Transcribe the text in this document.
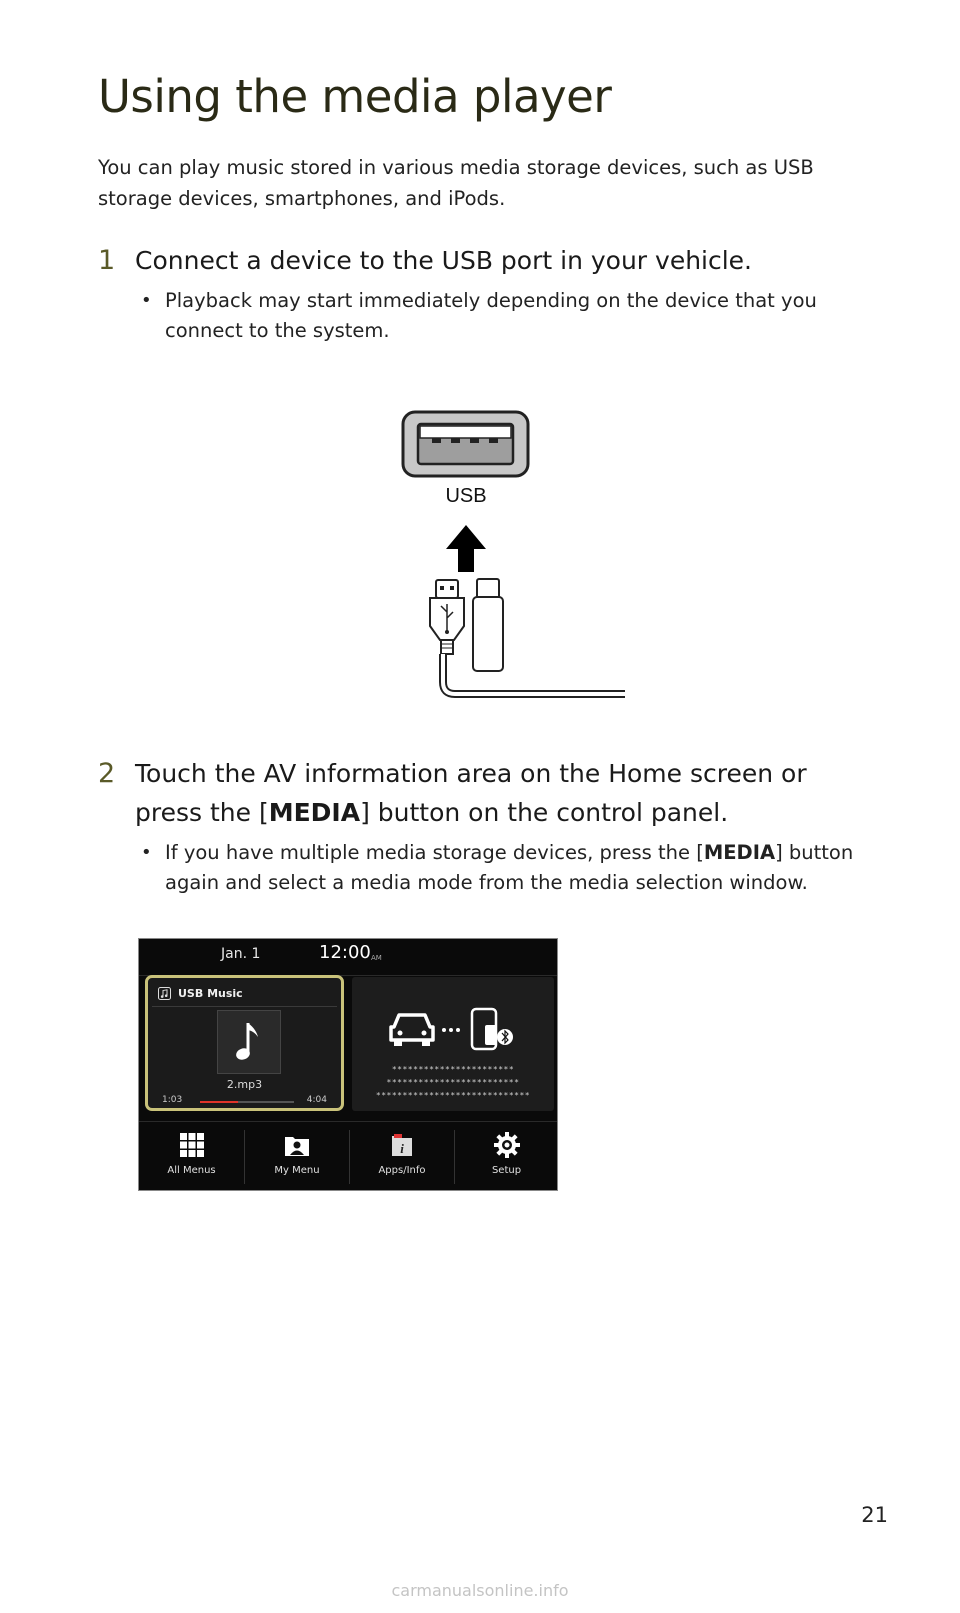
Using the media player

You can play music stored in various media storage devices, such as USB storage devices, smartphones, and iPods.

1 Connect a device to the USB port in your vehicle.
• Playback may start immediately depending on the device that you connect to the system.
USB
2 Touch the AV information area on the Home screen or press the [MEDIA] button on the control panel.
• If you have multiple media storage devices, press the [MEDIA] button again and select a media mode from the media selection window.
Jan. 1	12:00 AM
USB Music
2.mp3
1:03	4:04
***********************
*************************
*****************************
All Menus	My Menu
i
Apps/Info	Setup
21
carmanualsonline.info
